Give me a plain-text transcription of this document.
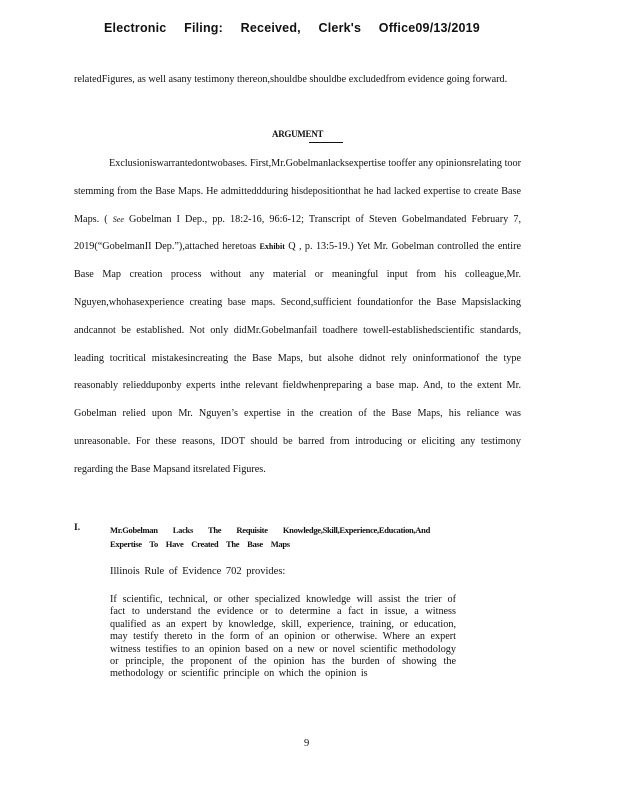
Electronic Filing: Received, Clerk's Office09/13/2019
relatedFigures, as well asany testimony thereon,shouldbe shouldbe excludedfrom evidence going forward.
ARGUMENT
Exclusioniswarrantedontwobases. First,Mr.Gobelmanlacksexpertise tooffer any opinionsrelating toor stemming from the Base Maps. He admitteddduring hisdepositionthat he had lacked expertise to create Base Maps. ( See Gobelman I Dep., pp. 18:2-16, 96:6-12; Transcript of Steven Gobelmandated February 7, 2019(“GobelmanII Dep.”),attached heretoas Exhibit Q , p. 13:5-19.) Yet Mr. Gobelman controlled the entire Base Map creation process without any material or meaningful input from his colleague,Mr. Nguyen,whohasexperience creating base maps. Second,sufficient foundationfor the Base Mapsislacking andcannot be established. Not only didMr.Gobelmanfail toadhere towell-establishedscientific standards, leading tocritical mistakesincreating the Base Maps, but alsohe didnot rely oninformationof the type reasonably reliedduponby experts inthe relevant fieldwhenpreparing a base map. And, to the extent Mr. Gobelman relied upon Mr. Nguyen’s expertise in the creation of the Base Maps, his reliance was unreasonable. For these reasons, IDOT should be barred from introducing or eliciting any testimony regarding the Base Mapsand itsrelated Figures.
I.	Mr.Gobelman Lacks The Requisite Knowledge,Skill,Experience,Education,And Expertise To Have Created The Base Maps
Illinois Rule of Evidence 702 provides:
If scientific, technical, or other specialized knowledge will assist the trier of fact to understand the evidence or to determine a fact in issue, a witness qualified as an expert by knowledge, skill, experience, training, or education, may testify thereto in the form of an opinion or otherwise. Where an expert witness testifies to an opinion based on a new or novel scientific methodology or principle, the proponent of the opinion has the burden of showing the methodology or scientific principle on which the opinion is
9
